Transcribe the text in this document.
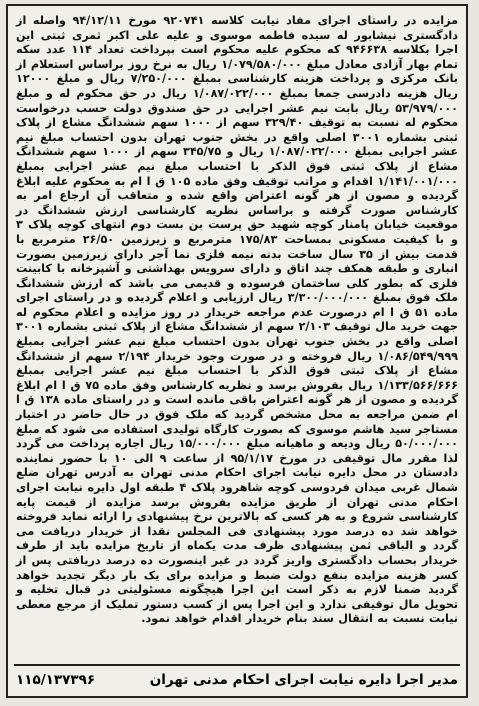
مزایده در راستای اجرای مفاد نیابت کلاسه ۹۲۰۷۴۱ مورخ ۹۴/۱۲/۱۱ واصله از دادگستری نیشابور له سیده فاطمه موسوی و علیه علی اکبر ثمری ثبتی این اجرا بکلاسه ۹۴۶۶۳۸ که محکوم علیه محکوم است بپرداخت تعداد ۱۱۴ عدد سکه تمام بهار آزادی معادل مبلغ ۱/۰۷۹/۵۸۰/۰۰۰ ریال به نرخ روز براساس استعلام از بانک مرکزی و پرداخت هزینه کارشناسی بمبلغ ۷/۲۵۰/۰۰۰ ریال و مبلغ ۱۲۰۰۰ ریال هزینه دادرسی جمعا بمبلغ ۱/۰۸۷/۰۲۲/۰۰۰ ریال در حق محکوم له و مبلغ ۵۳/۹۷۹/۰۰۰ ریال بابت نیم عشر اجرایی در حق صندوق دولت حسب درخواست محکوم له نسبت به توقیف ۳۲۹/۴۰ سهم از ۱۰۰۰ سهم ششدانگ مشاع از پلاک ثبتی بشماره ۳۰۰۱ اصلی واقع در بخش جنوب تهران بدون احتساب مبلغ نیم عشر اجرایی بمبلغ ۱/۰۸۷/۰۲۲/۰۰۰ ریال و ۳۴۵/۷۵ سهم از ۱۰۰۰ سهم ششدانگ مشاع از پلاک ثبتی فوق الذکر با احتساب مبلغ نیم عشر اجرایی بمبلغ ۱/۱۴۱/۰۰۱/۰۰۰ اقدام و مراتب توقیف وفق ماده ۱۰۵ ق ا ام به محکوم علیه ابلاغ گردیده و مصون از هر گونه اعتراض واقع شده و متعاقب آن ارجاع امر به کارشناس صورت گرفته و براساس نظریه کارشناسی ارزش ششدانگ در موقعیت خیابان پامنار کوچه شهید حق پرست بن بست دوم انتهای کوچه پلاک ۳ و با کیفیت مسکونی بمساحت ۱۷۵/۸۳ مترمربع و زیرزمین ۲۶/۵۰ مترمربع با قدمت بیش از ۳۵ سال ساخت بدنه نیمه فلزی نما آجر دارای زیرزمین بصورت انباری و طبقه همکف چند اتاق و دارای سرویس بهداشتی و آشپزخانه با کابینت فلزی که بطور کلی ساختمان فرسوده و قدیمی می باشد که ارزش ششدانگ ملک فوق بمبلغ ۳/۳۰۰/۰۰۰/۰۰۰ ریال ارزیابی و اعلام گردیده و در راستای اجرای ماده ۵۱ ق ا ام درصورت عدم مراجعه خریدار در روز مزایده و اعلام محکوم له جهت خرید مال توقیف ۲/۱۰۳ سهم از ششدانگ مشاع از پلاک ثبتی بشماره ۳۰۰۱ اصلی واقع در بخش جنوب تهران بدون احتساب مبلغ نیم عشر اجرایی بمبلغ ۱/۰۸۶/۵۴۹/۹۹۹ ریال فروخته و در صورت وجود خریدار ۲/۱۹۴ سهم از ششدانگ مشاع از پلاک ثبتی فوق الذکر با احتساب مبلغ نیم عشر اجرایی بمبلغ ۱/۱۳۳/۵۶۶/۶۶۶ ریال بفروش برسد و نظریه کارشناس وفق ماده ۷۵ ق ا ام ابلاغ گردیده و مصون از هر گونه اعتراض باقی مانده است و در راستای ماده ۱۳۸ ق ا ام ضمن مراجعه به محل مشخص گردید که ملک فوق در حال حاضر در اختیار مستاجر سید هاشم موسوی که بصورت کارگاه تولیدی استفاده می شود که مبلغ ۵۰/۰۰۰/۰۰۰ ریال ودیعه و ماهیانه مبلغ ۱۵/۰۰۰/۰۰۰ ریال اجاره پرداخت می گردد لذا مقرر مال توقیفی در مورخ ۹۵/۱/۱۷ از ساعت ۹ الی ۱۰ با حضور نماینده دادستان در محل دایره نیابت اجرای احکام مدنی تهران به آدرس تهران ضلع شمال غربی میدان فردوسی کوچه شاهرود پلاک ۴ طبقه اول دایره نیابت اجرای احکام مدنی تهران از طریق مزایده بفروش برسد مزایده از قیمت پایه کارشناسی شروع و به هر کسی که بالاترین نرخ پیشنهادی را ارائه نماید فروخته خواهد شد ده درصد مورد پیشنهادی فی المجلس نقدا از خریدار دریافت می گردد و الباقی ثمن پیشنهادی ظرف مدت یکماه از تاریخ مزایده باید از طرف خریدار بحساب دادگستری واریز گردد در غیر اینصورت ده درصد دریافتی پس از کسر هزینه مزایده بنفع دولت ضبط و مزایده برای یک بار دیگر تجدید خواهد گردید ضمنا لازم به ذکر است این اجرا هیچگونه مسئولیتی در قبال تخلیه و تحویل مال توقیفی ندارد و این اجرا پس از کسب دستور تملیک از مرجع معطی نیابت نسبت به انتقال سند بنام خریدار اقدام خواهد نمود.
مدیر اجرا دایره نیابت اجرای احکام مدنی تهران
۱۱۵/۱۳۷۳۹۶
